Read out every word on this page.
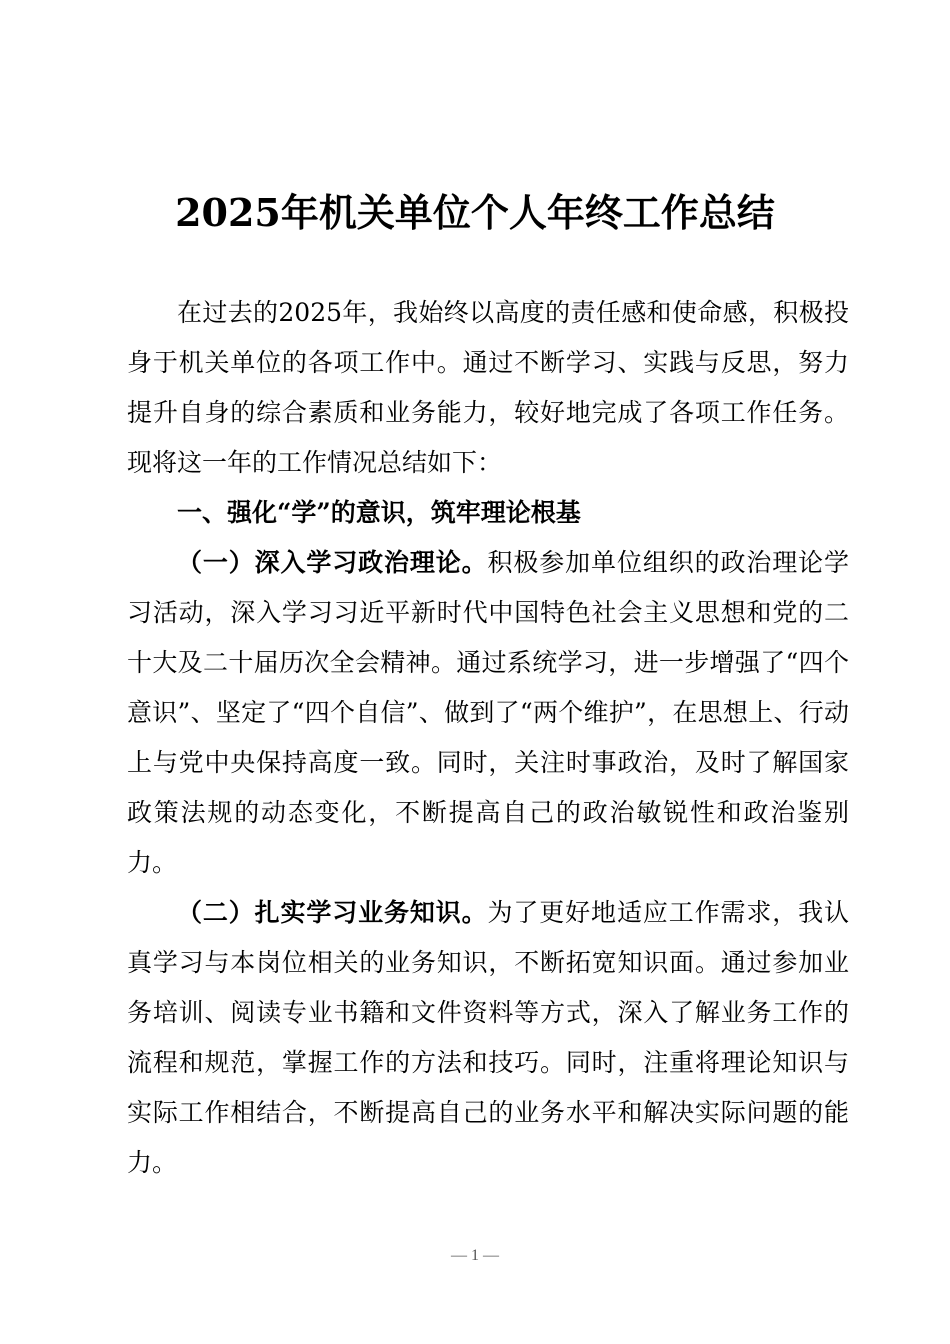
2025年机关单位个人年终工作总结

在过去的2025年，我始终以高度的责任感和使命感，积极投身于机关单位的各项工作中。通过不断学习、实践与反思，努力提升自身的综合素质和业务能力，较好地完成了各项工作任务。现将这一年的工作情况总结如下：

一、强化“学”的意识，筑牢理论根基

（一）深入学习政治理论。积极参加单位组织的政治理论学习活动，深入学习习近平新时代中国特色社会主义思想和党的二十大及二十届历次全会精神。通过系统学习，进一步增强了“四个意识”、坚定了“四个自信”、做到了“两个维护”，在思想上、行动上与党中央保持高度一致。同时，关注时事政治，及时了解国家政策法规的动态变化，不断提高自己的政治敏锐性和政治鉴别力。

（二）扎实学习业务知识。为了更好地适应工作需求，我认真学习与本岗位相关的业务知识，不断拓宽知识面。通过参加业务培训、阅读专业书籍和文件资料等方式，深入了解业务工作的流程和规范，掌握工作的方法和技巧。同时，注重将理论知识与实际工作相结合，不断提高自己的业务水平和解决实际问题的能力。

— 1 —
